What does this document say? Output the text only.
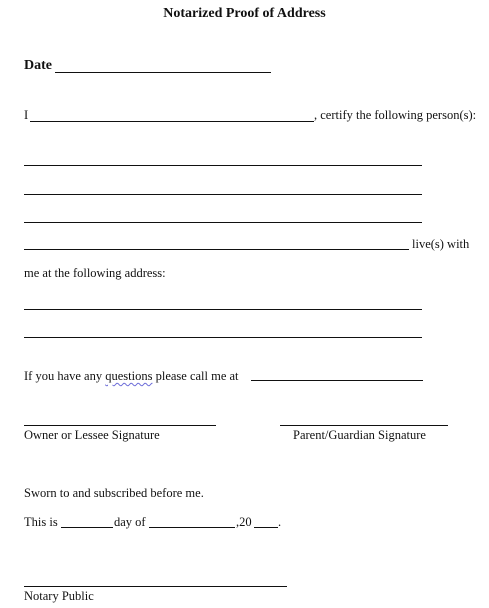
Notarized Proof of Address
Date
I	, certify the following person(s):
live(s) with
me at the following address:
If you have any questions please call me at
Owner or Lessee Signature	Parent/Guardian Signature
Sworn to and subscribed before me.
This is	day of	,20 .
Notary Public
